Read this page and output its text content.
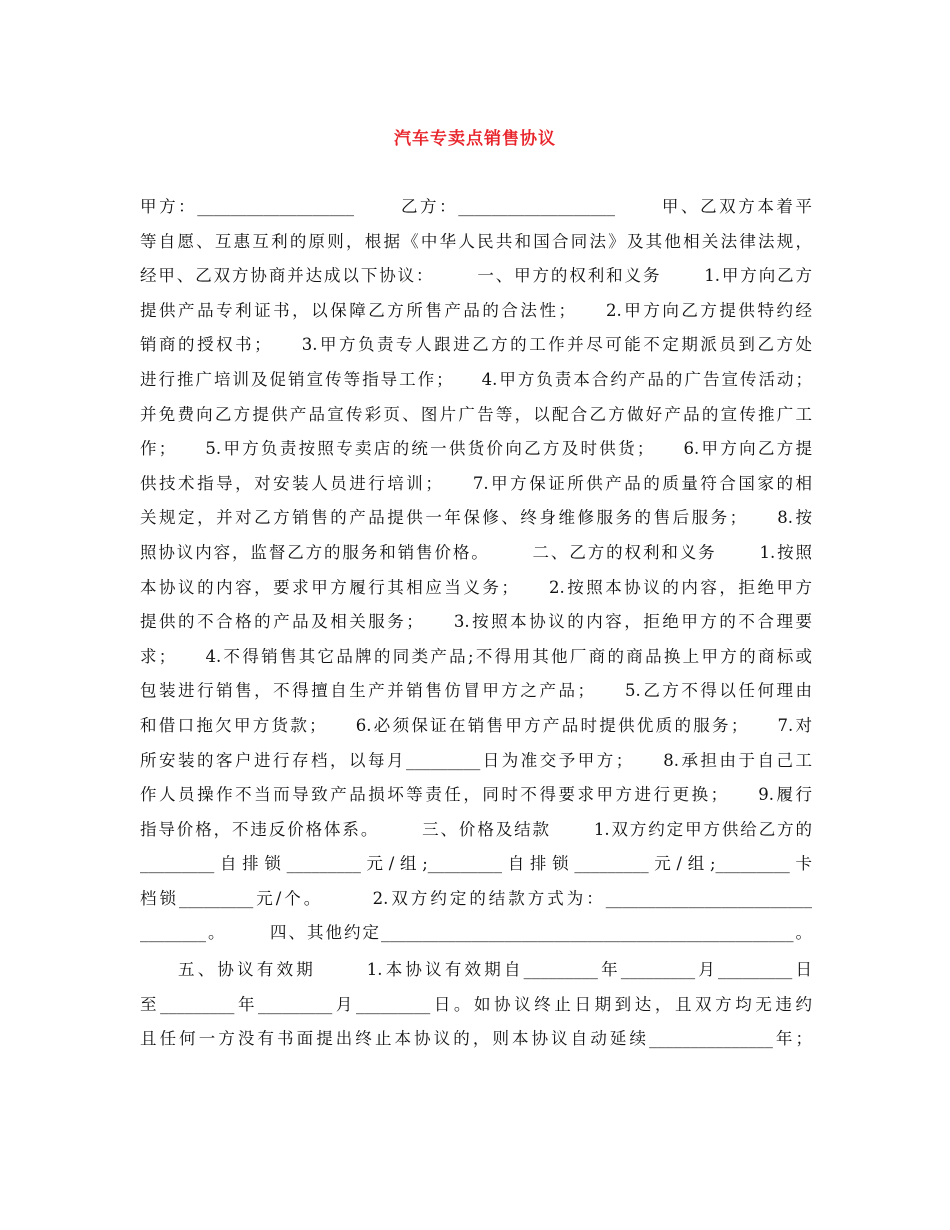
汽车专卖点销售协议
甲方：___________________      乙方：___________________      甲、乙双方本着平
等自愿、互惠互利的原则，根据《中华人民共和国合同法》及其他相关法律法规，
经甲、乙双方协商并达成以下协议：      一、甲方的权利和义务      1.甲方向乙方
提供产品专利证书，以保障乙方所售产品的合法性；    2.甲方向乙方提供特约经
销商的授权书；    3.甲方负责专人跟进乙方的工作并尽可能不定期派员到乙方处
进行推广培训及促销宣传等指导工作；    4.甲方负责本合约产品的广告宣传活动；
并免费向乙方提供产品宣传彩页、图片广告等，以配合乙方做好产品的宣传推广工
作；    5.甲方负责按照专卖店的统一供货价向乙方及时供货；    6.甲方向乙方提
供技术指导，对安装人员进行培训；    7.甲方保证所供产品的质量符合国家的相
关规定，并对乙方销售的产品提供一年保修、终身维修服务的售后服务；    8.按
照协议内容，监督乙方的服务和销售价格。      二、乙方的权利和义务      1.按照
本协议的内容，要求甲方履行其相应当义务；    2.按照本协议的内容，拒绝甲方
提供的不合格的产品及相关服务；    3.按照本协议的内容，拒绝甲方的不合理要
求；    4.不得销售其它品牌的同类产品;不得用其他厂商的商品换上甲方的商标或
包装进行销售，不得擅自生产并销售仿冒甲方之产品；    5.乙方不得以任何理由
和借口拖欠甲方货款；    6.必须保证在销售甲方产品时提供优质的服务；    7.对
所安装的客户进行存档，以每月_________日为准交予甲方；    8.承担由于自己工
作人员操作不当而导致产品损坏等责任，同时不得要求甲方进行更换；    9.履行
指导价格，不违反价格体系。      三、价格及结款      1.双方约定甲方供给乙方的
_________自排锁_________元/组;_________自排锁_________元/组;_________卡
档锁_________元/个。      2.双方约定的结款方式为：_________________________
________。      四、其他约定__________________________________________________。
五、协议有效期      1.本协议有效期自_________年_________月_________日
至_________年_________月_________日。如协议终止日期到达，且双方均无违约
且任何一方没有书面提出终止本协议的，则本协议自动延续_______________年；
